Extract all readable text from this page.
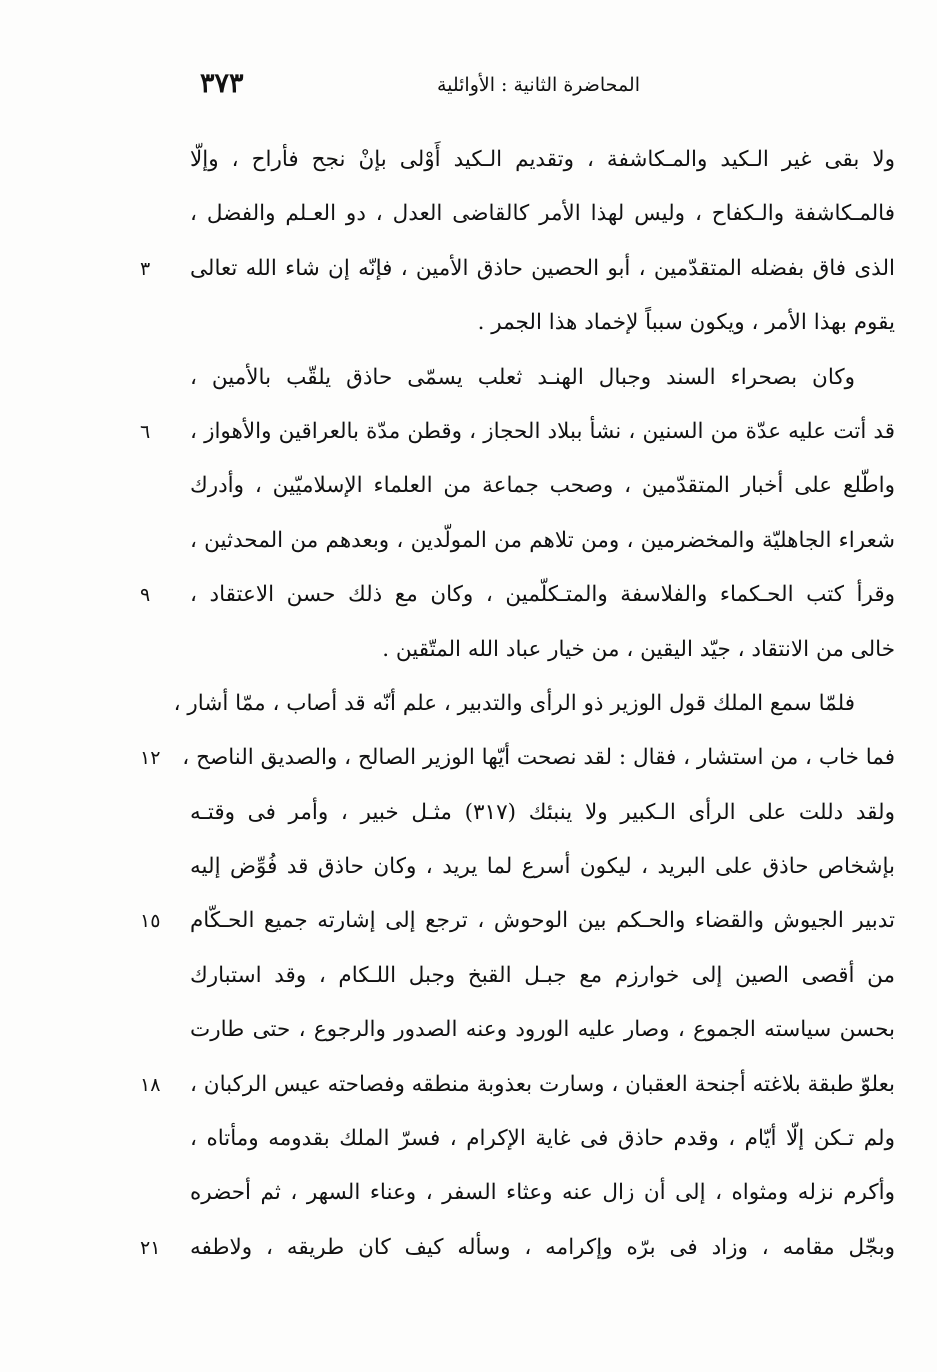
المحاضرة الثانية : الأوائلية
٣٧٣
ولا بقى غير الـكيد والمـكاشفة ، وتقديم الـكيد أَوْلى بإنْ نجح فأراح ، وإلّا
فالمـكاشفة والـكفاح ، وليس لهذا الأمر كالقاضى العدل ، دو العـلم والفضل ،
الذى فاق بفضله المتقدّمين ، أبو الحصين حاذق الأمين ، فإنّه إن شاء الله تعالى
٣
يقوم بهذا الأمر ، ويكون سبباً لإخماد هذا الجمر .
وكان بصحراء السند وجبال الهنـد ثعلب يسمّى حاذق يلقّب بالأمين ،
قد أتت عليه عدّة من السنين ، نشأ ببلاد الحجاز ، وقطن مدّة بالعراقين والأهواز ،
٦
واطّلع على أخبار المتقدّمين ، وصحب جماعة من العلماء الإسلاميّين ، وأدرك
شعراء الجاهليّة والمخضرمين ، ومن تلاهم من المولّدين ، وبعدهم من المحدثين ،
وقرأ كتب الحـكماء والفلاسفة والمتـكلّمين ، وكان مع ذلك حسن الاعتقاد ،
٩
خالى من الانتقاد ، جيّد اليقين ، من خيار عباد الله المتّقين .
فلمّا سمع الملك قول الوزير ذو الرأى والتدبير ، علم أنّه قد أصاب ، ممّا أشار ،
فما خاب ، من استشار ، فقال : لقد نصحت أيّها الوزير الصالح ، والصديق الناصح ،
١٢
ولقد دللت على الرأى الـكبير ولا ينبئك (٣١٧) مثـل خبير ، وأمر فى وقتـه
بإشخاص حاذق على البريد ، ليكون أسرع لما يريد ، وكان حاذق قد فُوِّض إليه
تدبير الجيوش والقضاء والحـكم بين الوحوش ، ترجع إلى إشارته جميع الحـكّام
١٥
من أقصى الصين إلى خوارزم مع جبـل القبخ وجبل اللـكام ، وقد استبارك
بحسن سياسته الجموع ، وصار عليه الورود وعنه الصدور والرجوع ، حتى طارت
بعلوّ طبقة بلاغته أجنحة العقبان ، وسارت بعذوبة منطقه وفصاحته عيس الركبان ،
١٨
ولم تـكن إلّا أيّام ، وقدم حاذق فى غاية الإكرام ، فسرّ الملك بقدومه ومأتاه ،
وأكرم نزله ومثواه ، إلى أن زال عنه وعثاء السفر ، وعناء السهر ، ثم أحضره
وبجّل مقامه ، وزاد فى برّه وإكرامه ، وسأله كيف كان طريقه ، ولاطفه
٢١
